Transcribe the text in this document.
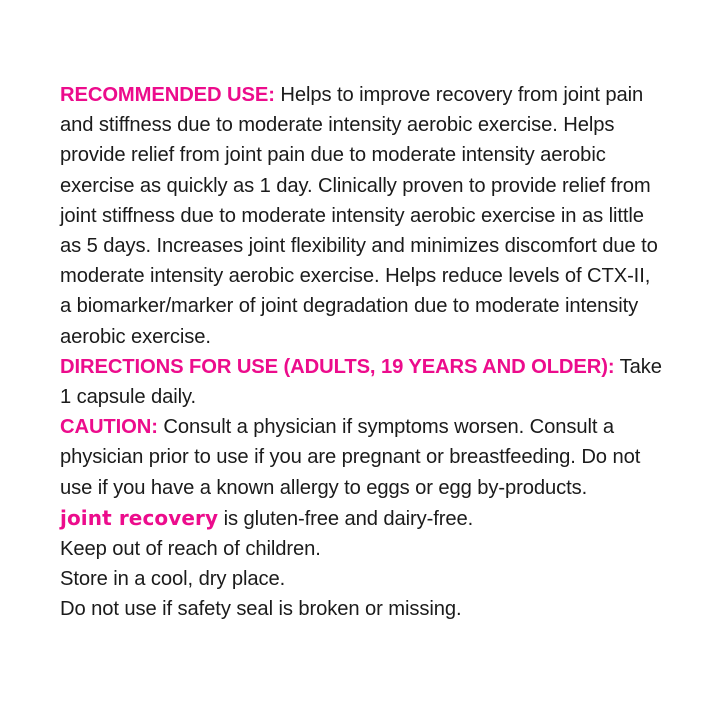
RECOMMENDED USE: Helps to improve recovery from joint pain

and stiffness due to moderate intensity aerobic exercise. Helps

provide relief from joint pain due to moderate intensity aerobic

exercise as quickly as 1 day. Clinically proven to provide relief from

joint stiffness due to moderate intensity aerobic exercise in as little

as 5 days. Increases joint flexibility and minimizes discomfort due to

moderate intensity aerobic exercise. Helps reduce levels of CTX-II,

a biomarker/marker of joint degradation due to moderate intensity

aerobic exercise.

DIRECTIONS FOR USE (ADULTS, 19 YEARS AND OLDER): Take

1 capsule daily.

CAUTION: Consult a physician if symptoms worsen. Consult a

physician prior to use if you are pregnant or breastfeeding. Do not

use if you have a known allergy to eggs or egg by-products.

joint recovery is gluten-free and dairy-free.

Keep out of reach of children.

Store in a cool, dry place.

Do not use if safety seal is broken or missing.
